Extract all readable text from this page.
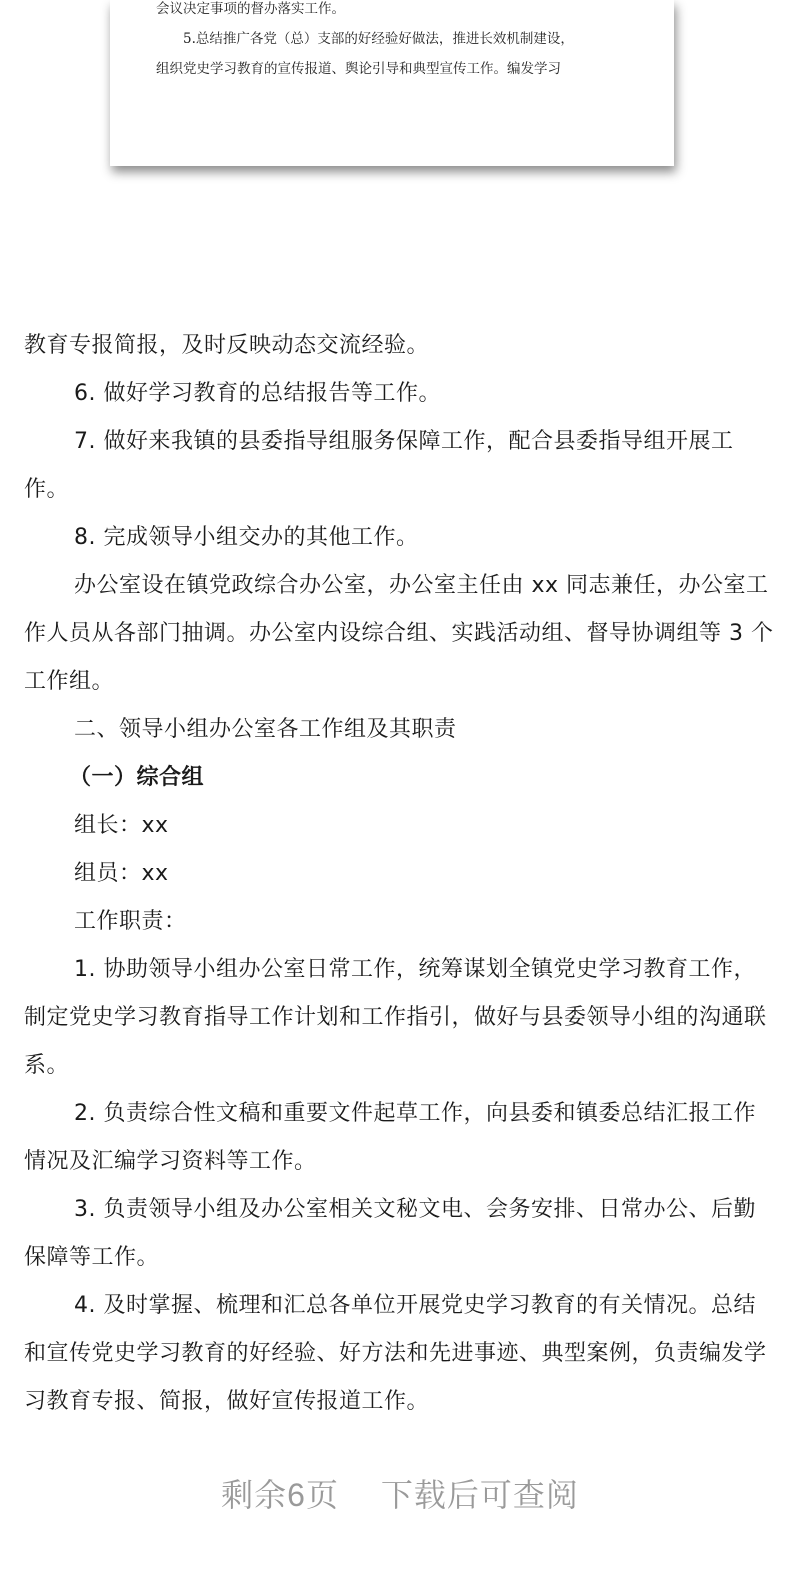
会议决定事项的督办落实工作。

5.总结推广各党（总）支部的好经验好做法，推进长效机制建设，

组织党史学习教育的宣传报道、舆论引导和典型宣传工作。编发学习

教育专报简报，及时反映动态交流经验。

6. 做好学习教育的总结报告等工作。

7. 做好来我镇的县委指导组服务保障工作，配合县委指导组开展工作。

8. 完成领导小组交办的其他工作。

办公室设在镇党政综合办公室，办公室主任由 xx 同志兼任，办公室工作人员从各部门抽调。办公室内设综合组、实践活动组、督导协调组等 3 个工作组。

二、领导小组办公室各工作组及其职责

（一）综合组

组长：xx

组员：xx

工作职责：

1. 协助领导小组办公室日常工作，统筹谋划全镇党史学习教育工作，制定党史学习教育指导工作计划和工作指引，做好与县委领导小组的沟通联系。

2. 负责综合性文稿和重要文件起草工作，向县委和镇委总结汇报工作情况及汇编学习资料等工作。

3. 负责领导小组及办公室相关文秘文电、会务安排、日常办公、后勤保障等工作。

4. 及时掌握、梳理和汇总各单位开展党史学习教育的有关情况。总结和宣传党史学习教育的好经验、好方法和先进事迹、典型案例，负责编发学习教育专报、简报，做好宣传报道工作。

剩余6页 下载后可查阅
